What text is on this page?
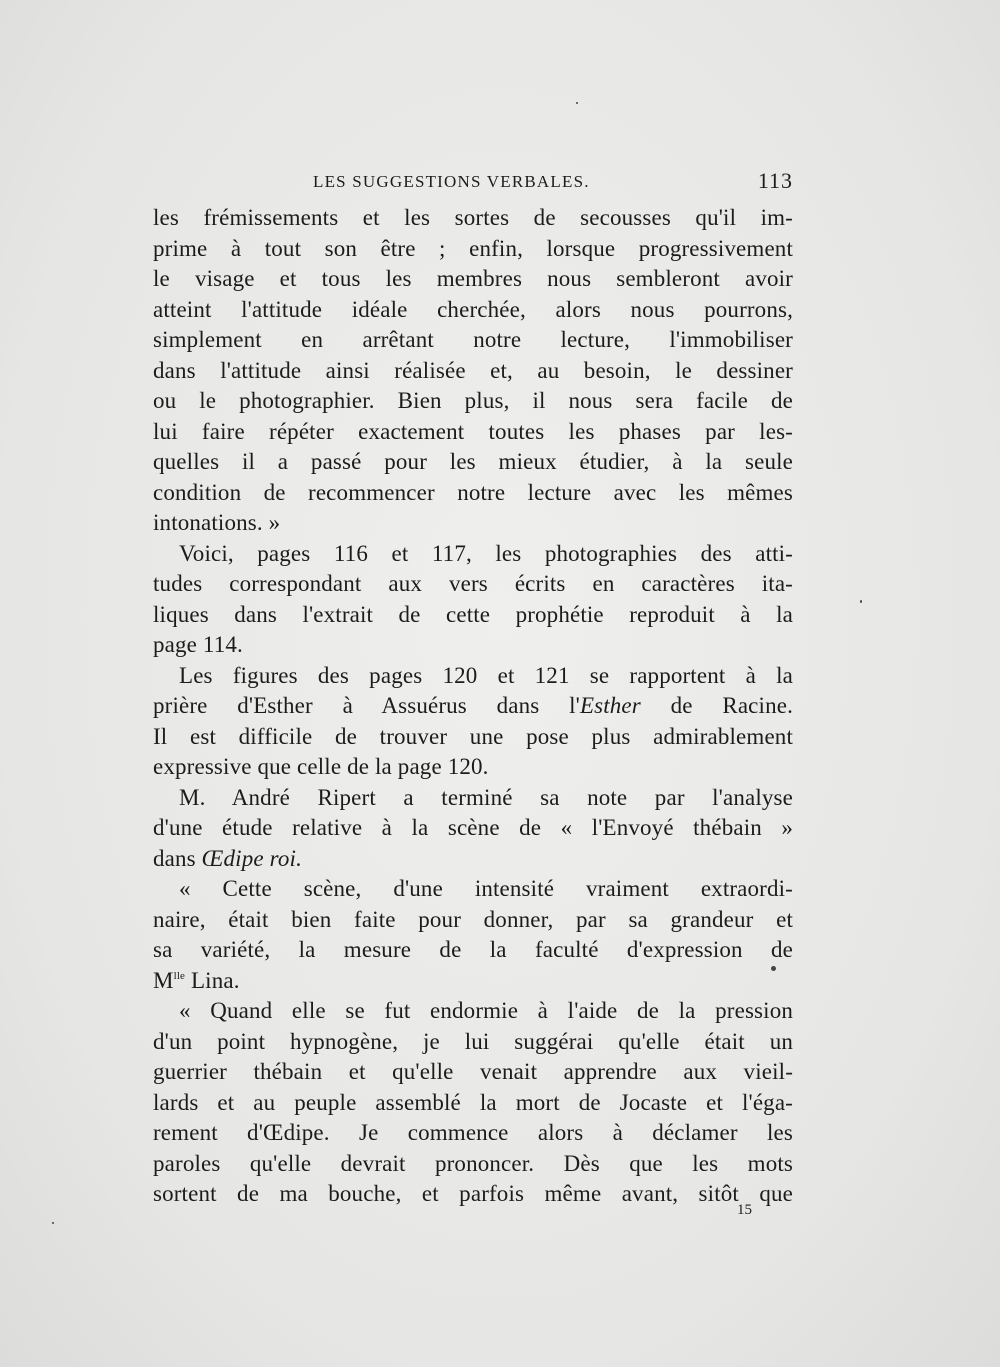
LES SUGGESTIONS VERBALES.	113
les frémissements et les sortes de secousses qu'il im-
prime à tout son être ; enfin, lorsque progressivement
le visage et tous les membres nous sembleront avoir
atteint l'attitude idéale cherchée, alors nous pourrons,
simplement en arrêtant notre lecture, l'immobiliser
dans l'attitude ainsi réalisée et, au besoin, le dessiner
ou le photographier. Bien plus, il nous sera facile de
lui faire répéter exactement toutes les phases par les-
quelles il a passé pour les mieux étudier, à la seule
condition de recommencer notre lecture avec les mêmes
intonations. »
Voici, pages 116 et 117, les photographies des atti-
tudes correspondant aux vers écrits en caractères ita-
liques dans l'extrait de cette prophétie reproduit à la
page 114.
Les figures des pages 120 et 121 se rapportent à la
prière d'Esther à Assuérus dans l'Esther de Racine.
Il est difficile de trouver une pose plus admirablement
expressive que celle de la page 120.
M. André Ripert a terminé sa note par l'analyse
d'une étude relative à la scène de « l'Envoyé thébain »
dans Œdipe roi.
« Cette scène, d'une intensité vraiment extraordi-
naire, était bien faite pour donner, par sa grandeur et
sa variété, la mesure de la faculté d'expression de
$M^{lle}$ Lina.
« Quand elle se fut endormie à l'aide de la pression
d'un point hypnogène, je lui suggérai qu'elle était un
guerrier thébain et qu'elle venait apprendre aux vieil-
lards et au peuple assemblé la mort de Jocaste et l'éga-
rement d'Œdipe. Je commence alors à déclamer les
paroles qu'elle devrait prononcer. Dès que les mots
sortent de ma bouche, et parfois même avant, sitôt que
15
